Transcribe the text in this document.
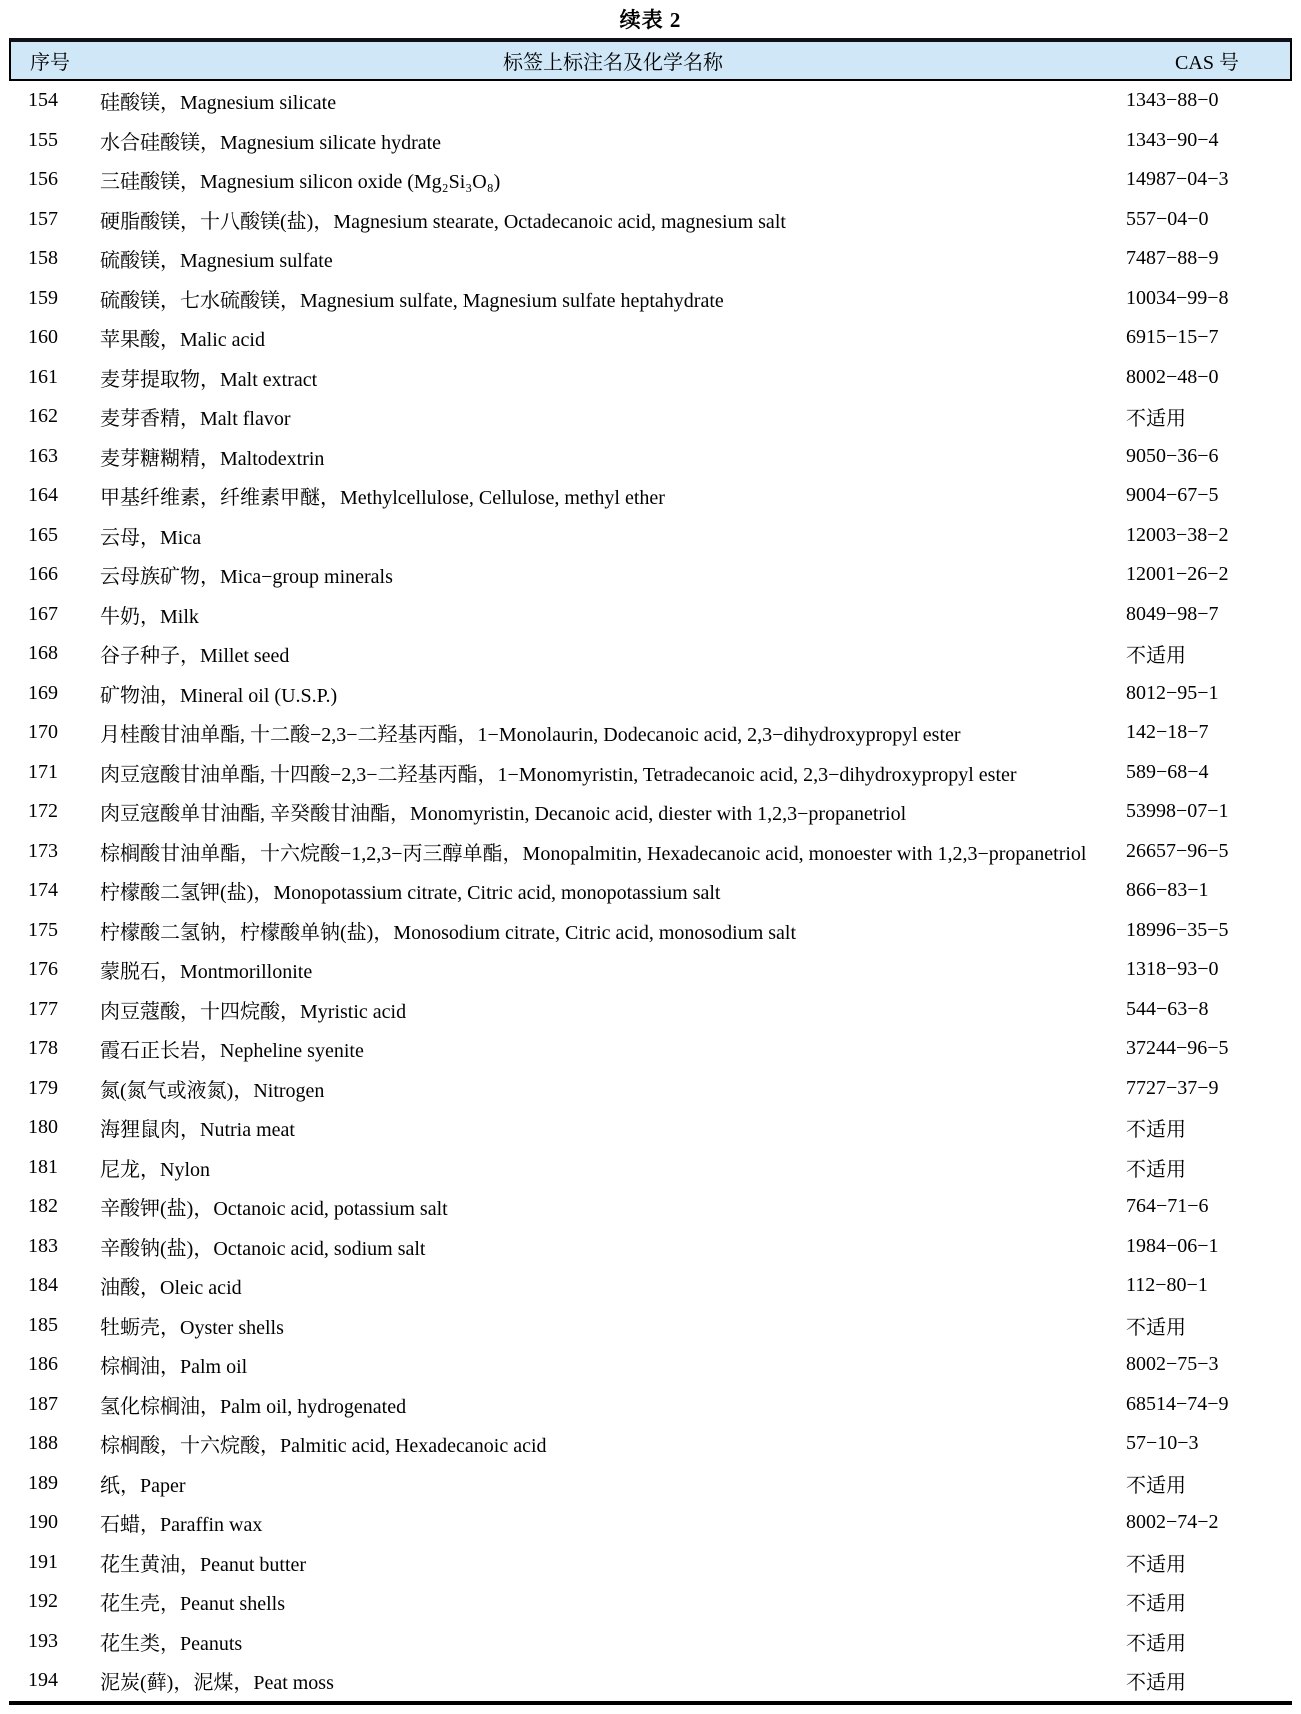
续表 2
序号	标签上标注名及化学名称	CAS 号
154	硅酸镁，Magnesium silicate	1343−88−0
155	水合硅酸镁，Magnesium silicate hydrate	1343−90−4
156	三硅酸镁，Magnesium silicon oxide (Mg₂Si₃O₈)	14987−04−3
157	硬脂酸镁，十八酸镁(盐)，Magnesium stearate, Octadecanoic acid, magnesium salt	557−04−0
158	硫酸镁，Magnesium sulfate	7487−88−9
159	硫酸镁，七水硫酸镁，Magnesium sulfate, Magnesium sulfate heptahydrate	10034−99−8
160	苹果酸，Malic acid	6915−15−7
161	麦芽提取物，Malt extract	8002−48−0
162	麦芽香精，Malt flavor	不适用
163	麦芽糖糊精，Maltodextrin	9050−36−6
164	甲基纤维素，纤维素甲醚，Methylcellulose, Cellulose, methyl ether	9004−67−5
165	云母，Mica	12003−38−2
166	云母族矿物，Mica−group minerals	12001−26−2
167	牛奶，Milk	8049−98−7
168	谷子种子，Millet seed	不适用
169	矿物油，Mineral oil (U.S.P.)	8012−95−1
170	月桂酸甘油单酯, 十二酸−2,3−二羟基丙酯，1−Monolaurin, Dodecanoic acid, 2,3−dihydroxypropyl ester	142−18−7
171	肉豆寇酸甘油单酯, 十四酸−2,3−二羟基丙酯，1−Monomyristin, Tetradecanoic acid, 2,3−dihydroxypropyl ester	589−68−4
172	肉豆寇酸单甘油酯, 辛癸酸甘油酯，Monomyristin, Decanoic acid, diester with 1,2,3−propanetriol	53998−07−1
173	棕榈酸甘油单酯，十六烷酸−1,2,3−丙三醇单酯，Monopalmitin, Hexadecanoic acid, monoester with 1,2,3−propanetriol	26657−96−5
174	柠檬酸二氢钾(盐)，Monopotassium citrate, Citric acid, monopotassium salt	866−83−1
175	柠檬酸二氢钠，柠檬酸单钠(盐)，Monosodium citrate, Citric acid, monosodium salt	18996−35−5
176	蒙脱石，Montmorillonite	1318−93−0
177	肉豆蔻酸，十四烷酸，Myristic acid	544−63−8
178	霞石正长岩，Nepheline syenite	37244−96−5
179	氮(氮气或液氮)，Nitrogen	7727−37−9
180	海狸鼠肉，Nutria meat	不适用
181	尼龙，Nylon	不适用
182	辛酸钾(盐)，Octanoic acid, potassium salt	764−71−6
183	辛酸钠(盐)，Octanoic acid, sodium salt	1984−06−1
184	油酸，Oleic acid	112−80−1
185	牡蛎壳，Oyster shells	不适用
186	棕榈油，Palm oil	8002−75−3
187	氢化棕榈油，Palm oil, hydrogenated	68514−74−9
188	棕榈酸，十六烷酸，Palmitic acid, Hexadecanoic acid	57−10−3
189	纸，Paper	不适用
190	石蜡，Paraffin wax	8002−74−2
191	花生黄油，Peanut butter	不适用
192	花生壳，Peanut shells	不适用
193	花生类，Peanuts	不适用
194	泥炭(藓)，泥煤，Peat moss	不适用
